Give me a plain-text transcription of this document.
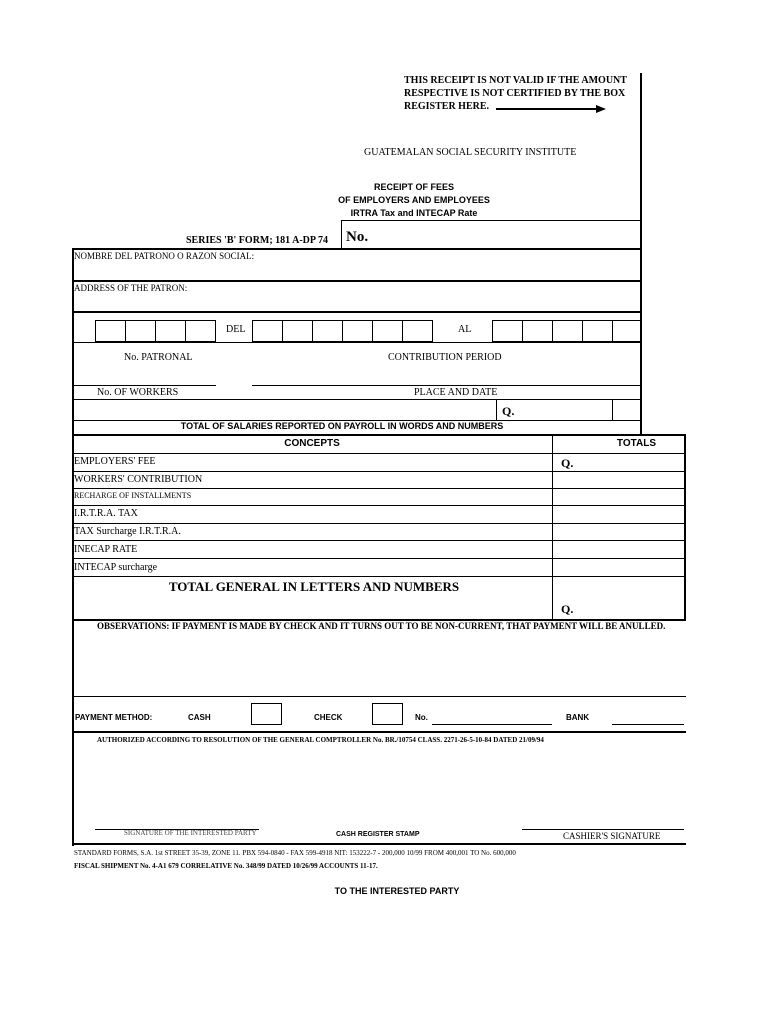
THIS RECEIPT IS NOT VALID IF THE AMOUNT
RESPECTIVE IS NOT CERTIFIED BY THE BOX
REGISTER HERE.
GUATEMALAN SOCIAL SECURITY INSTITUTE
RECEIPT OF FEES
OF EMPLOYERS AND EMPLOYEES
IRTRA Tax and INTECAP Rate
SERIES 'B' FORM; 181 A-DP 74 No.
NOMBRE DEL PATRONO O RAZON SOCIAL:
ADDRESS OF THE PATRON:
DEL	AL
No. PATRONAL	CONTRIBUTION PERIOD
No. OF WORKERS	PLACE AND DATE
Q.
TOTAL OF SALARIES REPORTED ON PAYROLL IN WORDS AND NUMBERS
CONCEPTS	TOTALS
EMPLOYERS' FEE	Q.
WORKERS' CONTRIBUTION
RECHARGE OF INSTALLMENTS
I.R.T.R.A. TAX
TAX Surcharge I.R.T.R.A.
INECAP RATE
INTECAP surcharge
TOTAL GENERAL IN LETTERS AND NUMBERS
Q.
OBSERVATIONS: IF PAYMENT IS MADE BY CHECK AND IT TURNS OUT TO BE NON-CURRENT, THAT PAYMENT WILL BE ANULLED.
PAYMENT METHOD:	CASH	CHECK	No.	BANK
AUTHORIZED ACCORDING TO RESOLUTION OF THE GENERAL COMPTROLLER No. BR./10754 CLASS. 2271-26-5-10-84 DATED 21/09/94
SIGNATURE OF THE INTERESTED PARTY	CASH REGISTER STAMP	CASHIER'S SIGNATURE
STANDARD FORMS, S.A. 1st STREET 35-39, ZONE 11. PBX 594-0840 - FAX 599-4918 NIT: 153222-7 - 200,000 10/99 FROM 400,001 TO No. 600,000
FISCAL SHIPMENT No. 4-A1 679 CORRELATIVE No. 348/99 DATED 10/26/99 ACCOUNTS 11-17.
TO THE INTERESTED PARTY
